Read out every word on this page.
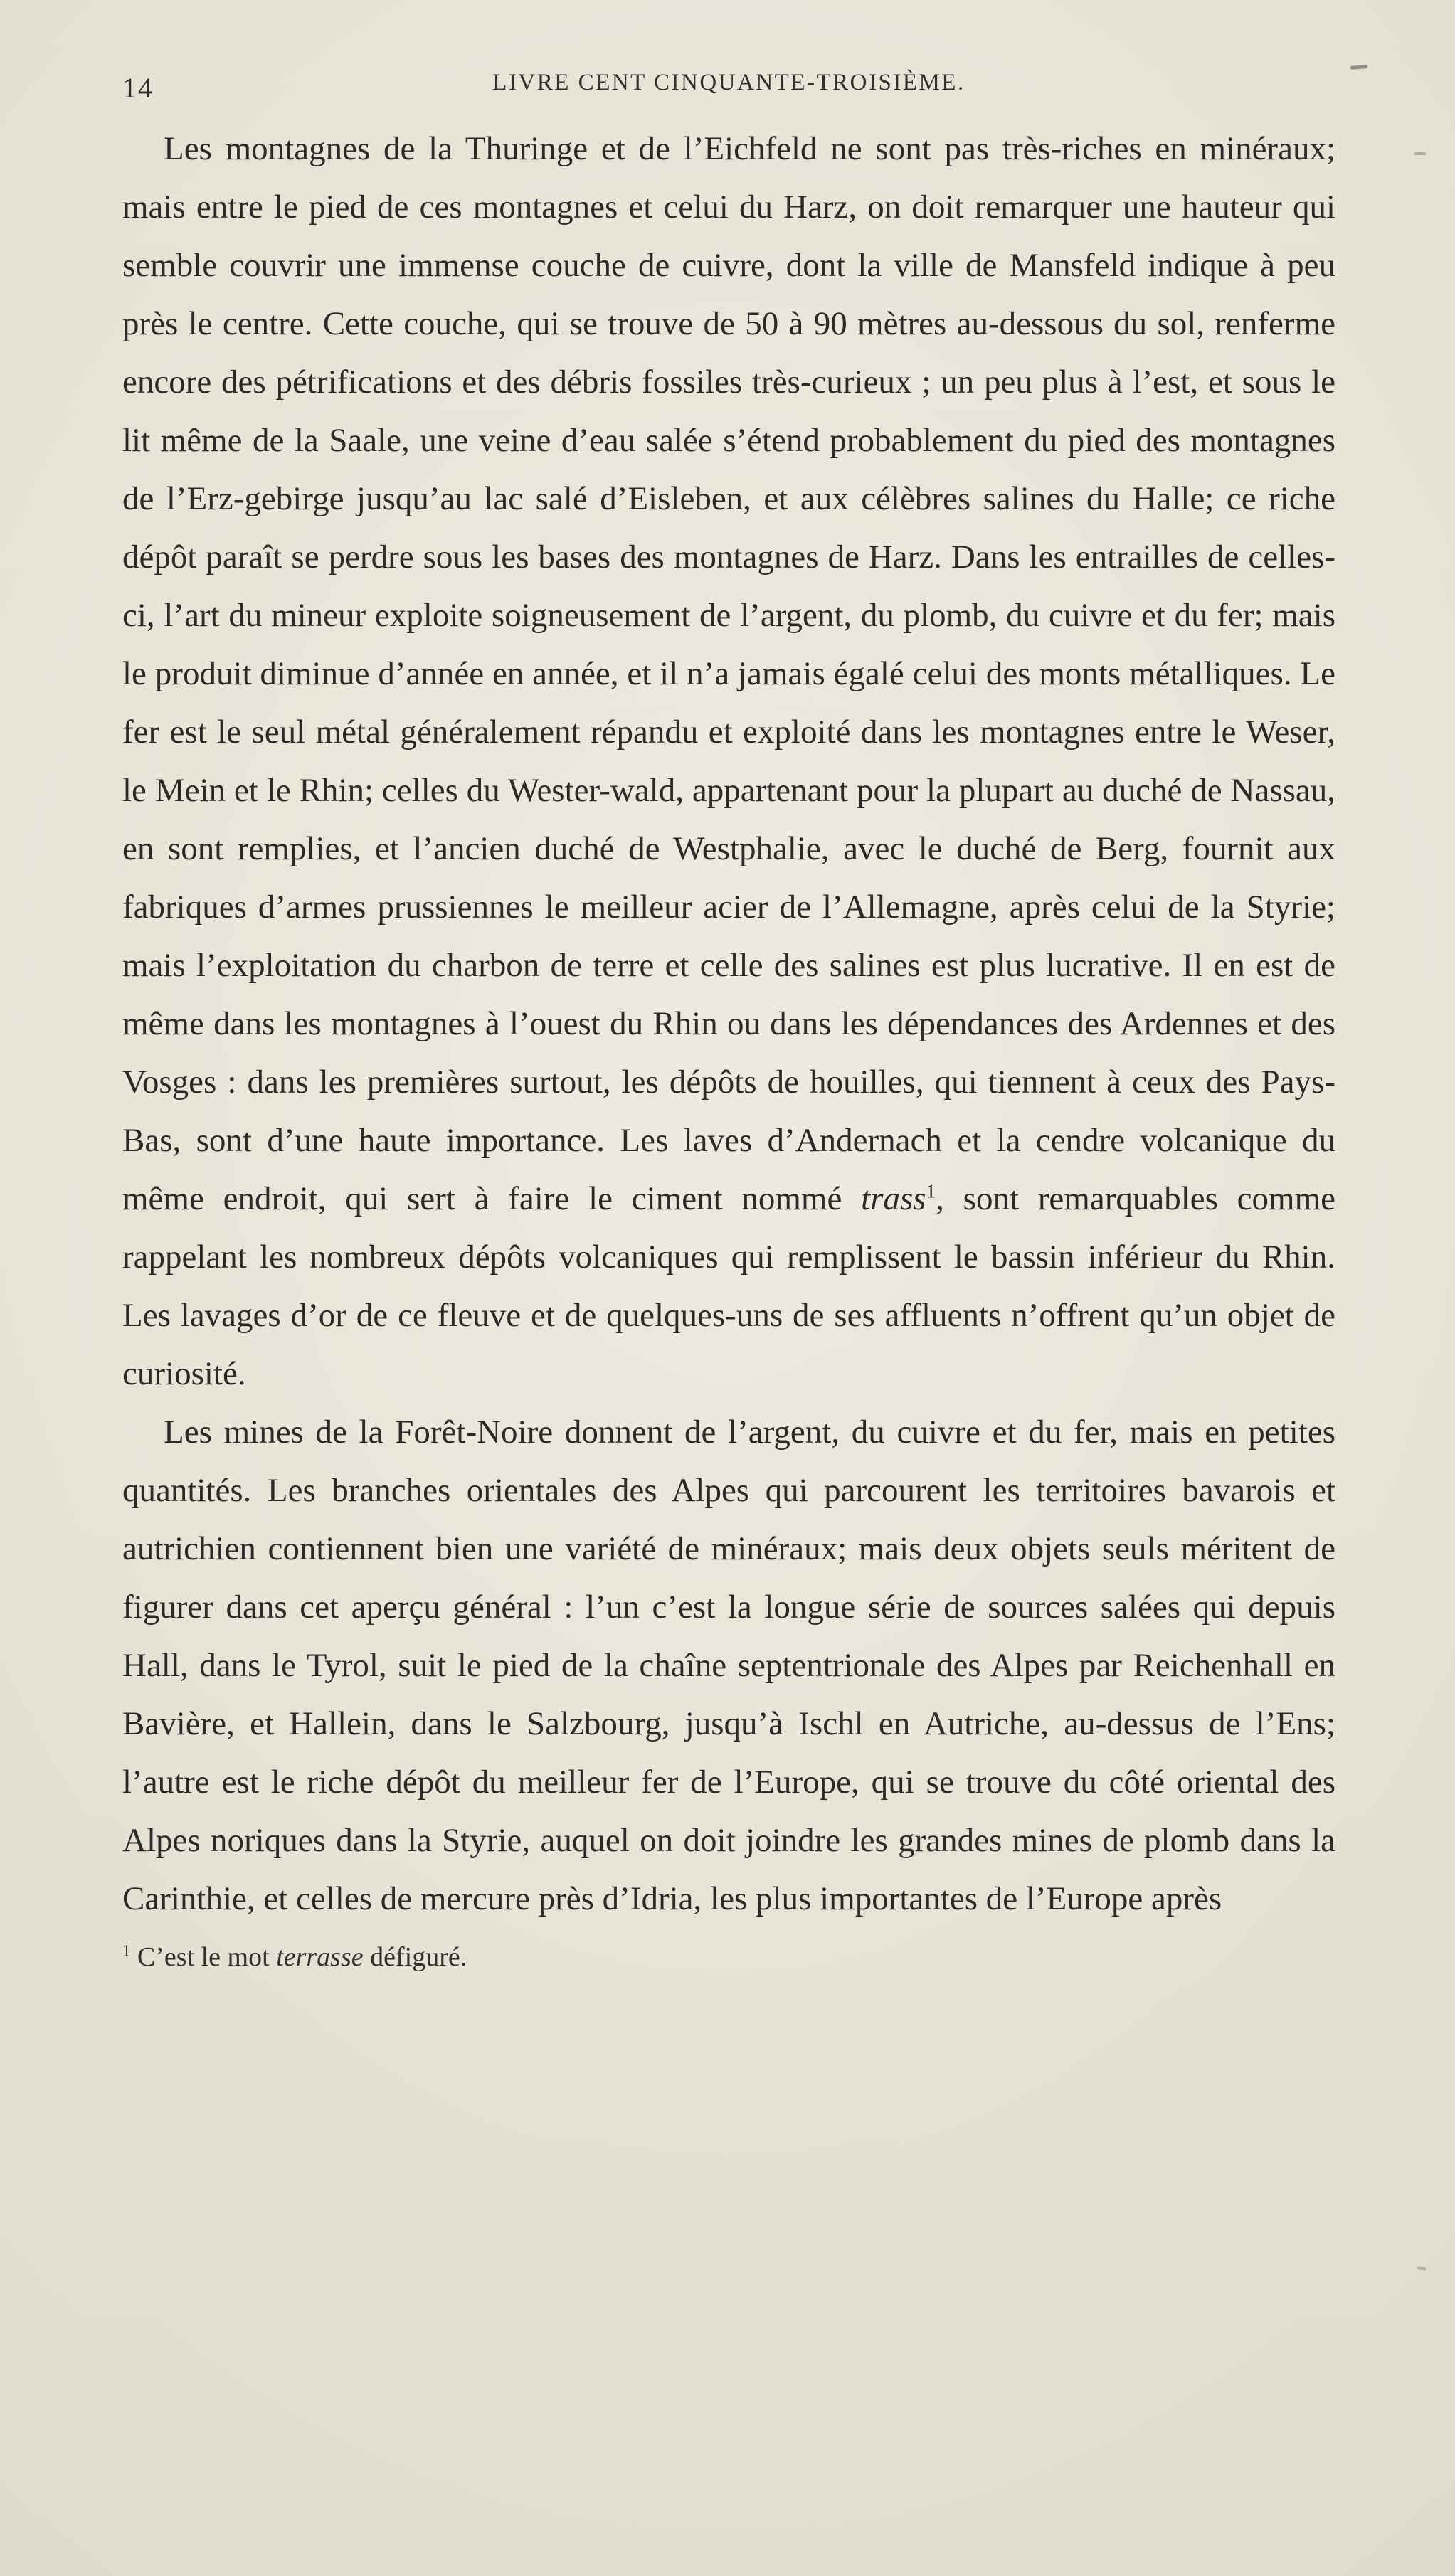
14	LIVRE CENT CINQUANTE-TROISIÈME.

Les montagnes de la Thuringe et de l’Eichfeld ne sont pas très-riches en minéraux; mais entre le pied de ces montagnes et celui du Harz, on doit remarquer une hauteur qui semble couvrir une immense couche de cuivre, dont la ville de Mansfeld indique à peu près le centre. Cette couche, qui se trouve de 50 à 90 mètres au-dessous du sol, renferme encore des pétrifications et des débris fossiles très-curieux ; un peu plus à l’est, et sous le lit même de la Saale, une veine d’eau salée s’étend probablement du pied des montagnes de l’Erz-gebirge jusqu’au lac salé d’Eisleben, et aux célèbres salines du Halle; ce riche dépôt paraît se perdre sous les bases des montagnes de Harz. Dans les entrailles de celles-ci, l’art du mineur exploite soigneusement de l’argent, du plomb, du cuivre et du fer; mais le produit diminue d’année en année, et il n’a jamais égalé celui des monts métalliques. Le fer est le seul métal généralement répandu et exploité dans les montagnes entre le Weser, le Mein et le Rhin; celles du Wester-wald, appartenant pour la plupart au duché de Nassau, en sont remplies, et l’ancien duché de Westphalie, avec le duché de Berg, fournit aux fabriques d’armes prussiennes le meilleur acier de l’Allemagne, après celui de la Styrie; mais l’exploitation du charbon de terre et celle des salines est plus lucrative. Il en est de même dans les montagnes à l’ouest du Rhin ou dans les dépendances des Ardennes et des Vosges : dans les premières surtout, les dépôts de houilles, qui tiennent à ceux des Pays-Bas, sont d’une haute importance. Les laves d’Andernach et la cendre volcanique du même endroit, qui sert à faire le ciment nommé trass$^1$, sont remarquables comme rappelant les nombreux dépôts volcaniques qui remplissent le bassin inférieur du Rhin. Les lavages d’or de ce fleuve et de quelques-uns de ses affluents n’offrent qu’un objet de curiosité.

Les mines de la Forêt-Noire donnent de l’argent, du cuivre et du fer, mais en petites quantités. Les branches orientales des Alpes qui parcourent les territoires bavarois et autrichien contiennent bien une variété de minéraux; mais deux objets seuls méritent de figurer dans cet aperçu général : l’un c’est la longue série de sources salées qui depuis Hall, dans le Tyrol, suit le pied de la chaîne septentrionale des Alpes par Reichenhall en Bavière, et Hallein, dans le Salzbourg, jusqu’à Ischl en Autriche, au-dessus de l’Ens; l’autre est le riche dépôt du meilleur fer de l’Europe, qui se trouve du côté oriental des Alpes noriques dans la Styrie, auquel on doit joindre les grandes mines de plomb dans la Carinthie, et celles de mercure près d’Idria, les plus importantes de l’Europe après

$^1$ C’est le mot terrasse défiguré.
